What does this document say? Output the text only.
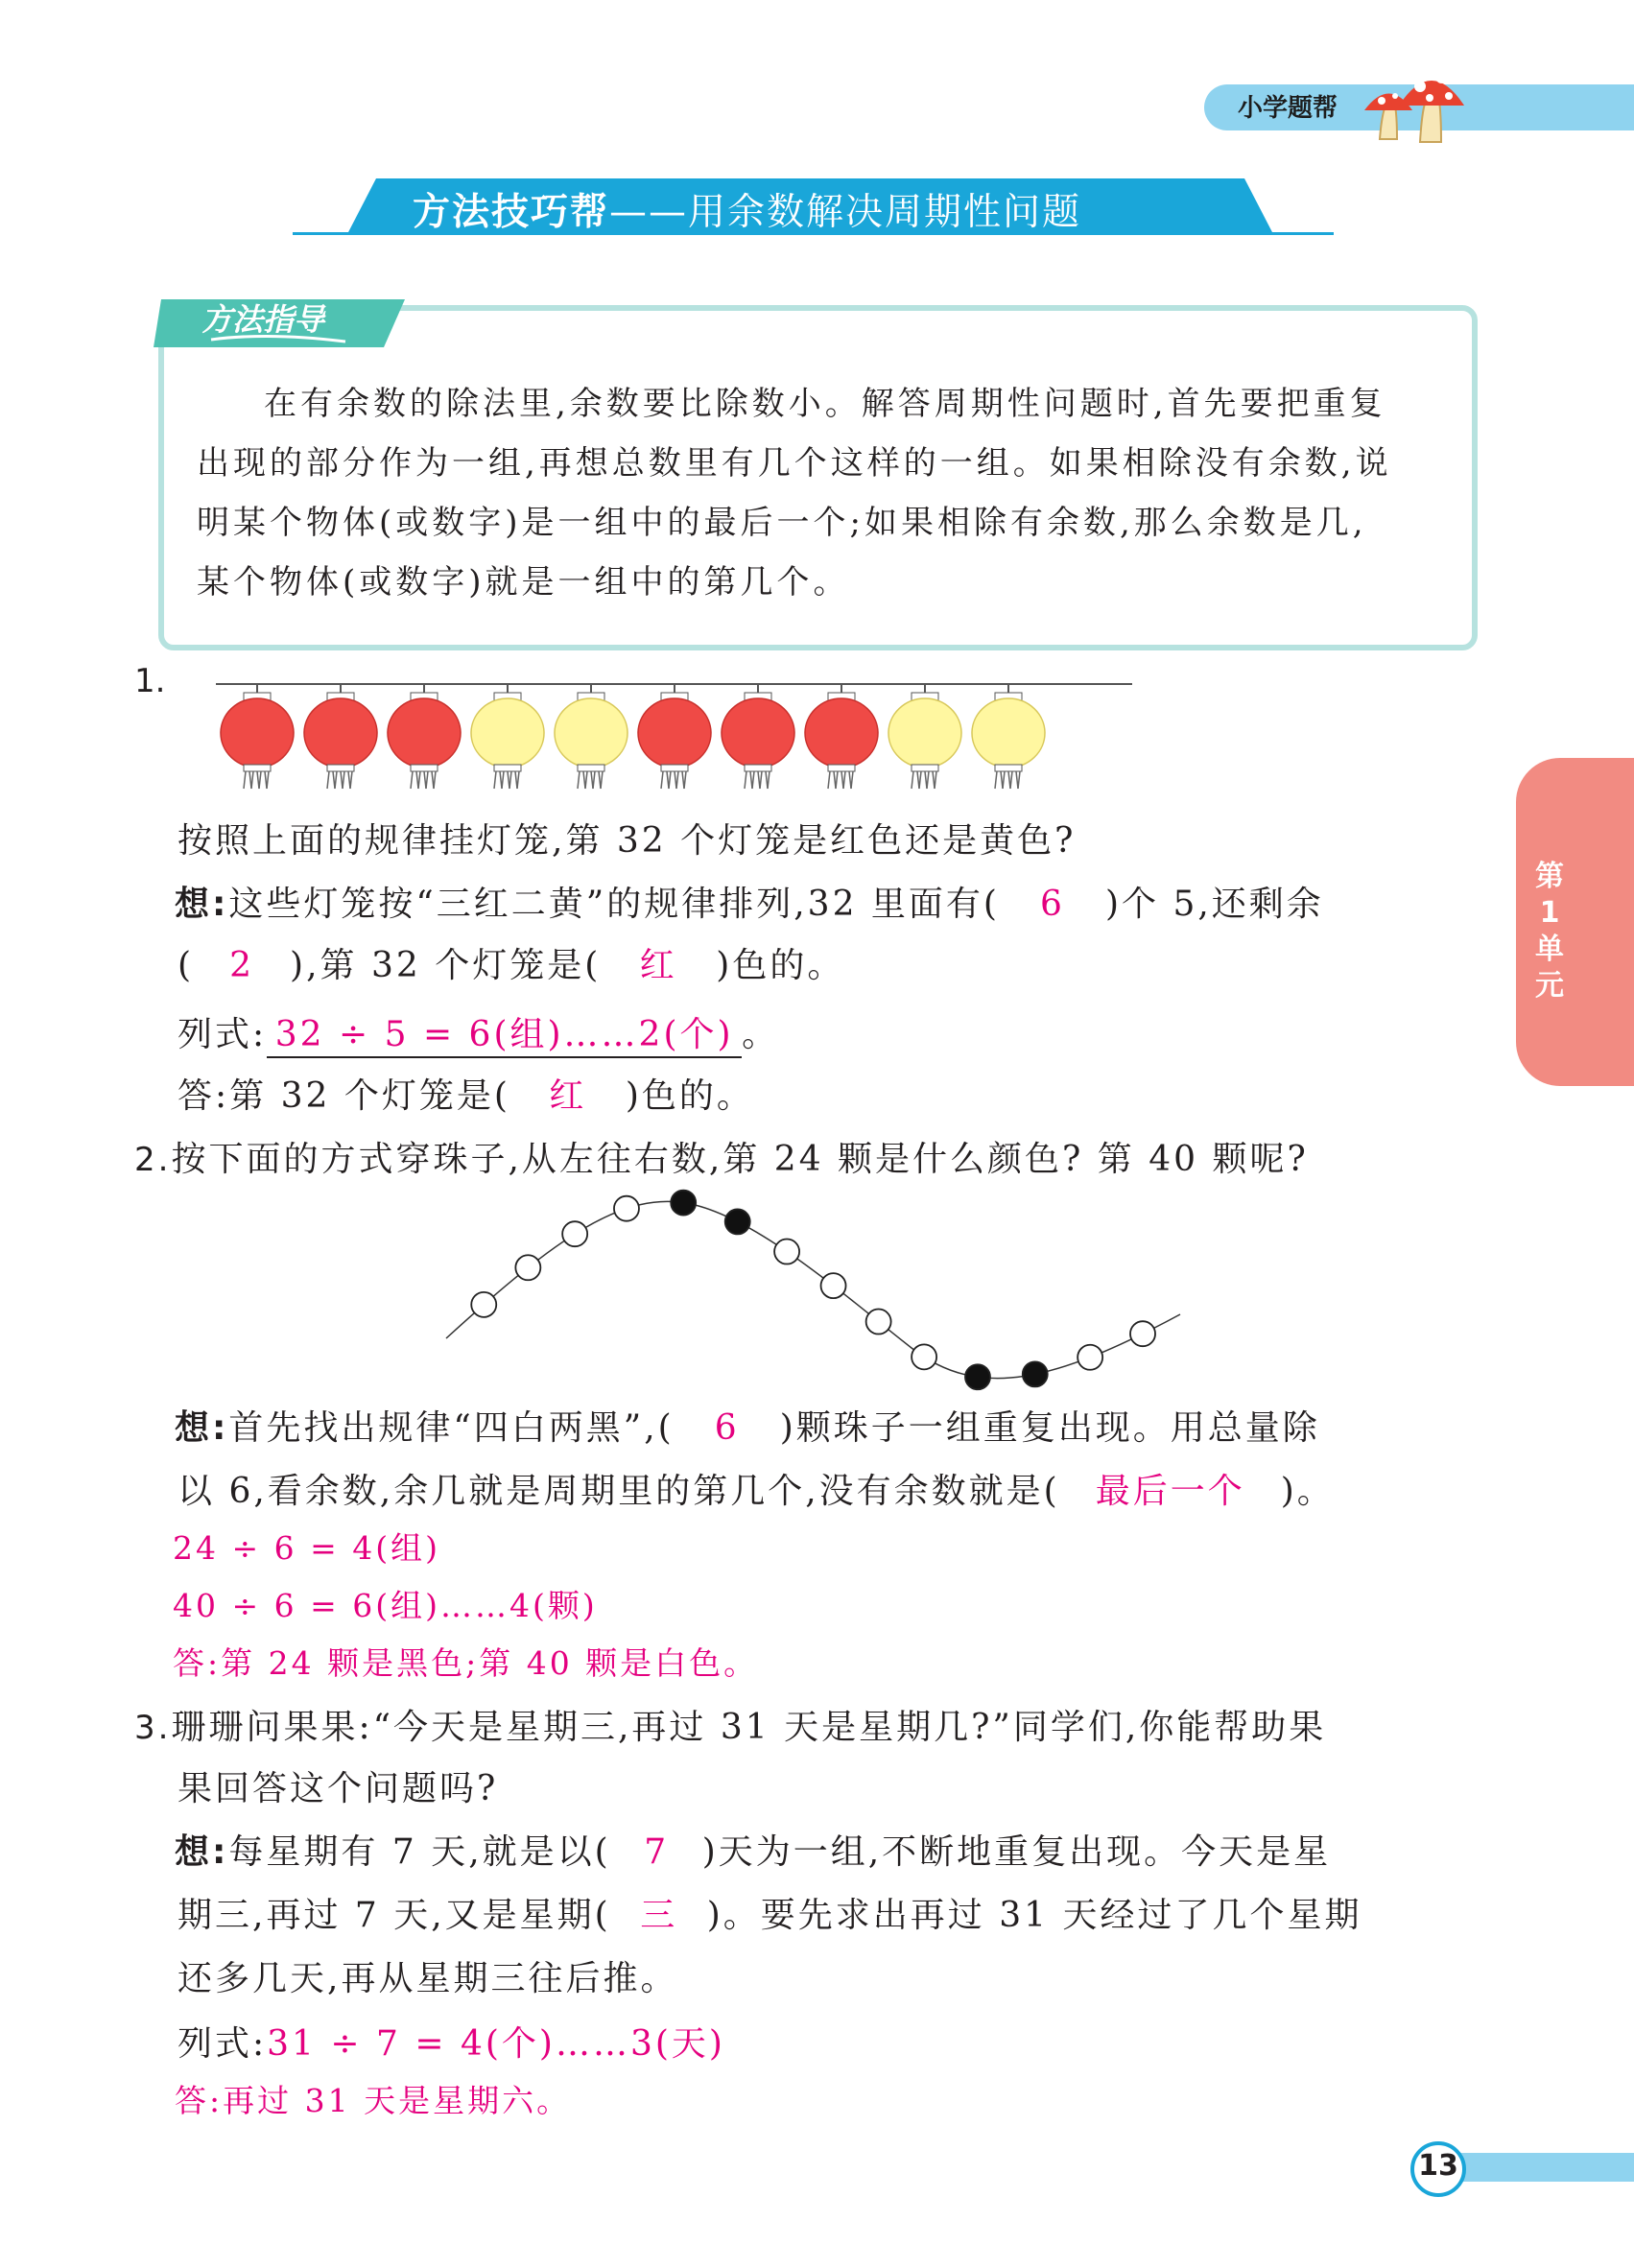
小学题帮
方法技巧帮——用余数解决周期性问题
方法指导
在有余数的除法里,余数要比除数小。解答周期性问题时,首先要把重复
出现的部分作为一组,再想总数里有几个这样的一组。如果相除没有余数,说
明某个物体(或数字)是一组中的最后一个;如果相除有余数,那么余数是几,
某个物体(或数字)就是一组中的第几个。
1.
按照上面的规律挂灯笼,第 32 个灯笼是红色还是黄色?
想:这些灯笼按“三红二黄”的规律排列,32 里面有( 6 )个 5,还剩余
( 2 ),第 32 个灯笼是( 红 )色的。
列式: 32 ÷ 5 = 6(组)……2(个) 。
答:第 32 个灯笼是( 红 )色的。
2.按下面的方式穿珠子,从左往右数,第 24 颗是什么颜色? 第 40 颗呢?
想:首先找出规律“四白两黑”,( 6 )颗珠子一组重复出现。用总量除
以 6,看余数,余几就是周期里的第几个,没有余数就是( 最后一个 )。
24 ÷ 6 = 4(组)
40 ÷ 6 = 6(组)……4(颗)
答:第 24 颗是黑色;第 40 颗是白色。
3.珊珊问果果:“今天是星期三,再过 31 天是星期几?”同学们,你能帮助果
果回答这个问题吗?
想:每星期有 7 天,就是以( 7 )天为一组,不断地重复出现。今天是星
期三,再过 7 天,又是星期( 三 )。要先求出再过 31 天经过了几个星期
还多几天,再从星期三往后推。
列式:31 ÷ 7 = 4(个)……3(天)
答:再过 31 天是星期六。
第
1
单
元
13
